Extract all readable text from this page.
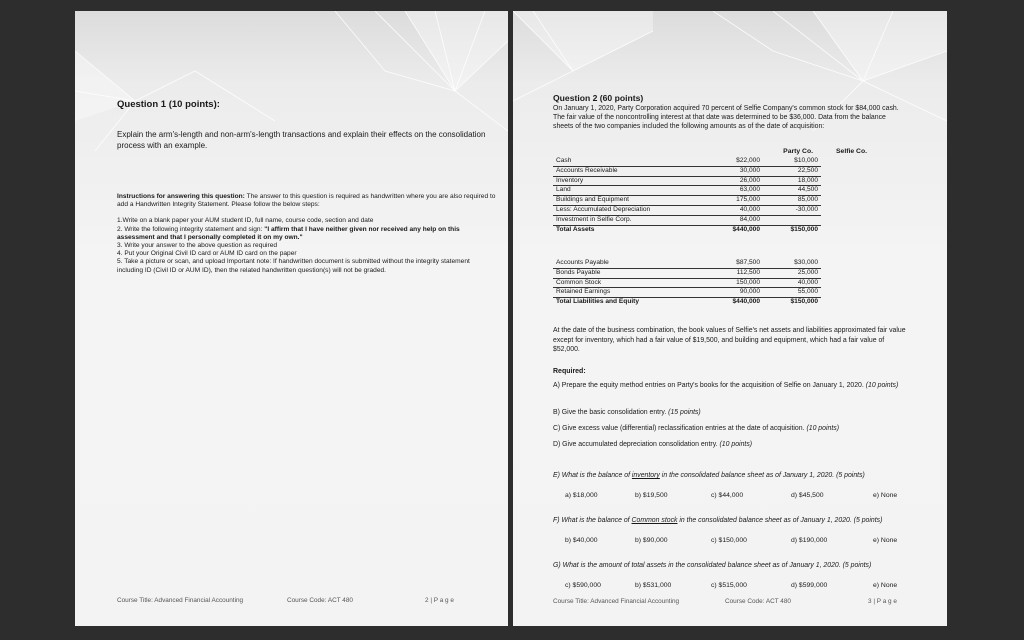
Question 1 (10 points):
Explain the arm's-length and non-arm's-length transactions and explain their effects on the consolidation process with an example.
Instructions for answering this question: The answer to this question is required as handwritten where you are also required to add a Handwritten Integrity Statement. Please follow the below steps:
1.Write on a blank paper your AUM student ID, full name, course code, section and date
2. Write the following integrity statement and sign: "I affirm that I have neither given nor received any help on this assessment and that I personally completed it on my own."
3. Write your answer to the above question as required
4. Put your Original Civil ID card or AUM ID card on the paper
5. Take a picture or scan, and upload Important note: If handwritten document is submitted without the integrity statement including ID (Civil ID or AUM ID), then the related handwritten question(s) will not be graded.
Course Title: Advanced Financial Accounting	Course Code: ACT 480	2 | P a g e
Question 2 (60 points)
On January 1, 2020, Party Corporation acquired 70 percent of Selfie Company's common stock for $84,000 cash. The fair value of the noncontrolling interest at that date was determined to be $36,000. Data from the balance sheets of the two companies included the following amounts as of the date of acquisition:
Party Co.	Selfie Co.
Cash	$22,000	$10,000
Accounts Receivable	30,000	22,500
Inventory	26,000	18,000
Land	63,000	44,500
Buildings and Equipment	175,000	85,000
Less: Accumulated Depreciation	40,000	-30,000
Investment in Selfie Corp.	84,000	
Total Assets	$440,000	$150,000
Accounts Payable	$87,500	$30,000
Bonds Payable	112,500	25,000
Common Stock	150,000	40,000
Retained Earnings	90,000	55,000
Total Liabilities and Equity	$440,000	$150,000
At the date of the business combination, the book values of Selfie's net assets and liabilities approximated fair value except for inventory, which had a fair value of $19,500, and building and equipment, which had a fair value of $52,000.
Required:
A) Prepare the equity method entries on Party's books for the acquisition of Selfie on January 1, 2020. (10 points)
B) Give the basic consolidation entry. (15 points)
C) Give excess value (differential) reclassification entries at the date of acquisition. (10 points)
D) Give accumulated depreciation consolidation entry. (10 points)
E) What is the balance of inventory in the consolidated balance sheet as of January 1, 2020. (5 points)
a) $18,000	b) $19,500	c) $44,000	d) $45,500	e) None
F) What is the balance of Common stock in the consolidated balance sheet as of January 1, 2020. (5 points)
b) $40,000	b) $90,000	c) $150,000	d) $190,000	e) None
G) What is the amount of total assets in the consolidated balance sheet as of January 1, 2020. (5 points)
c) $590,000	b) $531,000	c) $515,000	d) $599,000	e) None
Course Title: Advanced Financial Accounting	Course Code: ACT 480	3 | P a g e
